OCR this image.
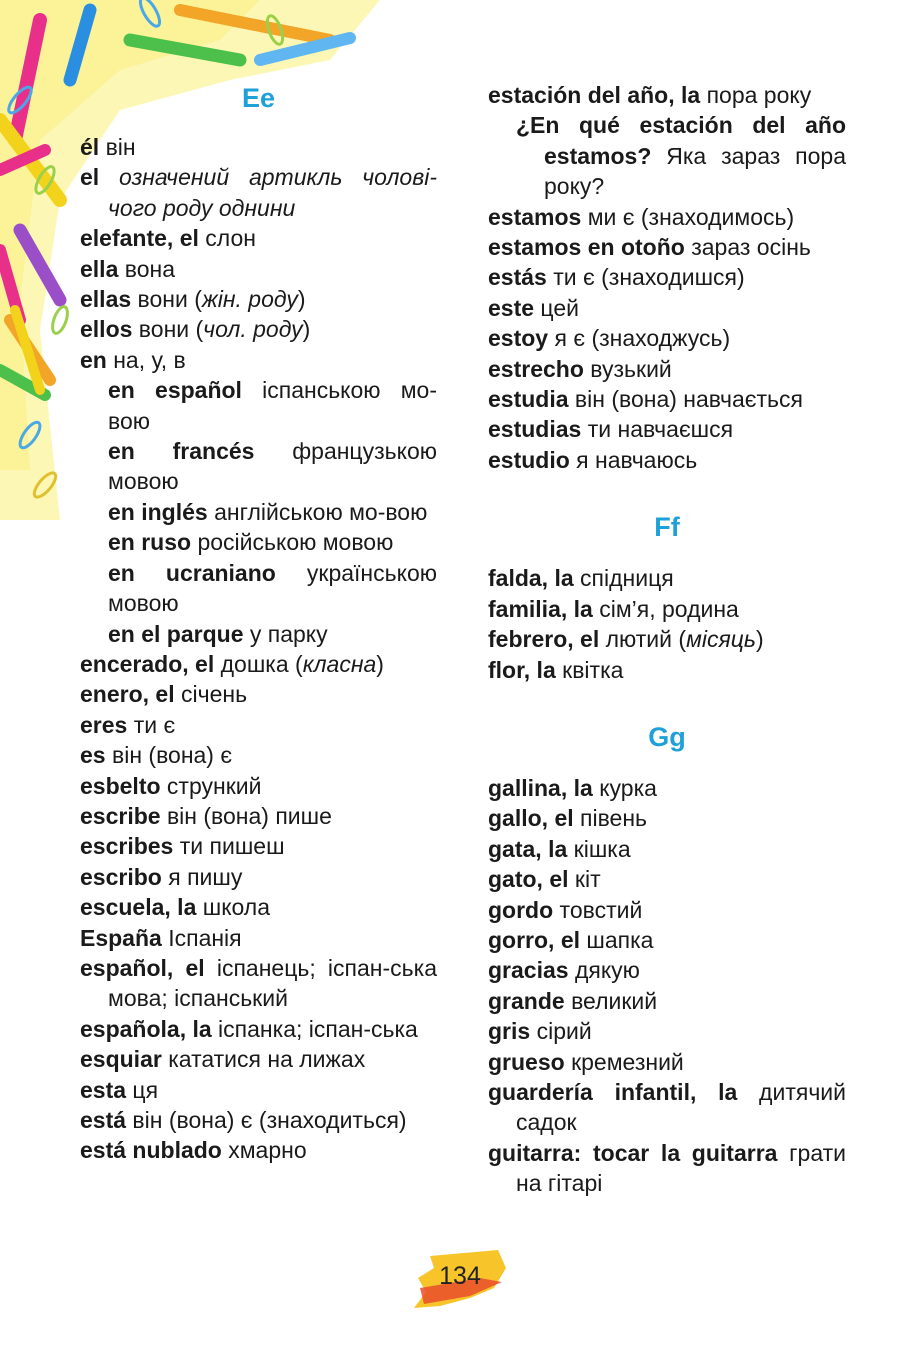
Ee
él він
el означений артикль чолові-чого роду однини
elefante, el слон
ella вона
ellas вони (жін. роду)
ellos вони (чол. роду)
en на, у, в
en español іспанською мо-вою
en francés французькою мовою
en inglés англійською мо-вою
en ruso російською мовою
en ucraniano українською мовою
en el parque у парку
encerado, el дошка (класна)
enero, el січень
eres ти є
es він (вона) є
esbelto стрункий
escribe він (вона) пише
escribes ти пишеш
escribo я пишу
escuela, la школа
España Іспанія
español, el іспанець; іспан-ська мова; іспанський
española, la іспанка; іспан-ська
esquiar кататися на лижах
esta ця
está він (вона) є (знаходиться)
está nublado хмарно
estación del año, la пора року
¿En qué estación del año estamos? Яка зараз пора року?
estamos ми є (знаходимось)
estamos en otoño зараз осінь
estás ти є (знаходишся)
este цей
estoy я є (знаходжусь)
estrecho вузький
estudia він (вона) навчається
estudias ти навчаєшся
estudio я навчаюсь
Ff
falda, la спідниця
familia, la сім’я, родина
febrero, el лютий (місяць)
flor, la квітка
Gg
gallina, la курка
gallo, el півень
gata, la кішка
gato, el кіт
gordo товстий
gorro, el шапка
gracias дякую
grande великий
gris сірий
grueso кремезний
guardería infantil, la дитячий садок
guitarra: tocar la guitarra грати на гітарі
134
